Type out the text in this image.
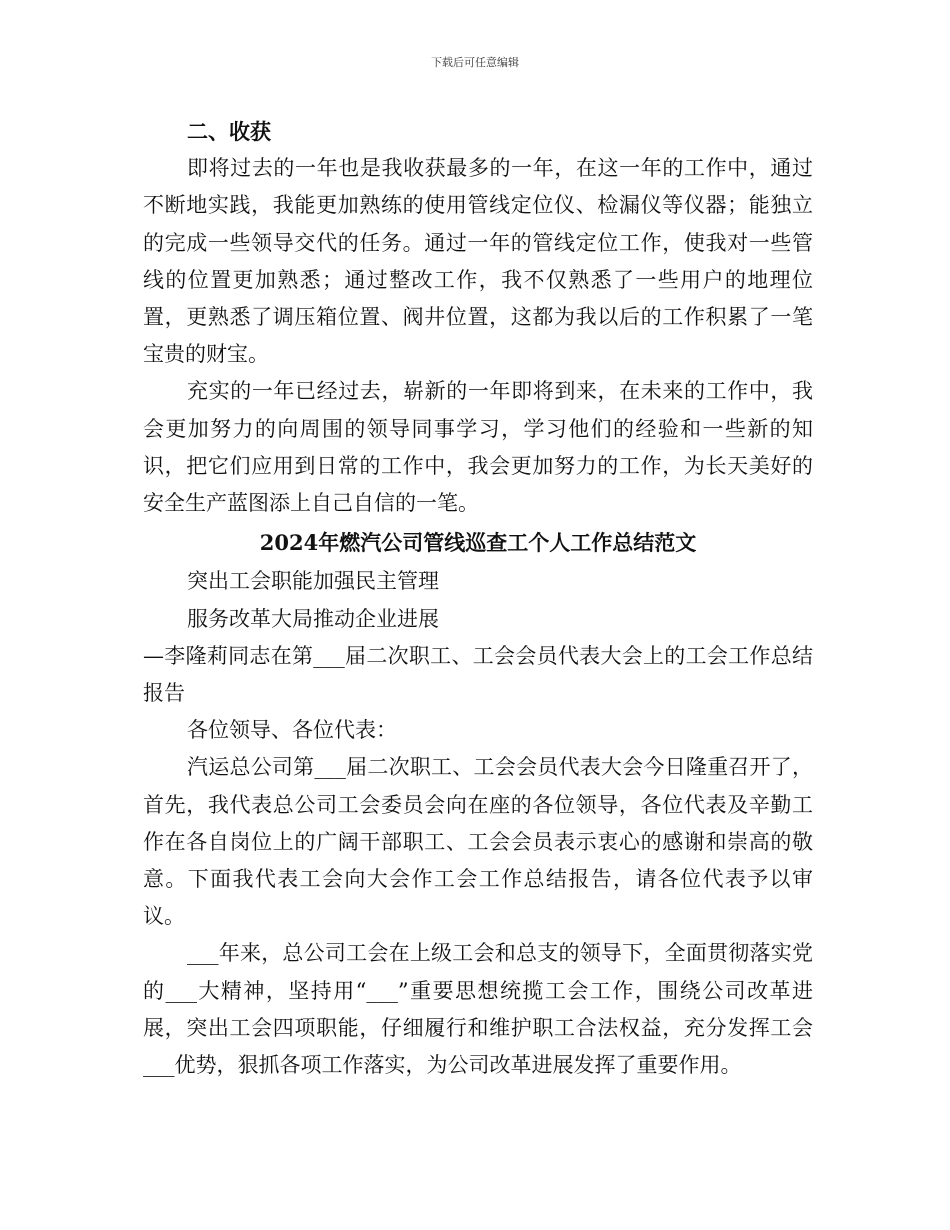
下载后可任意编辑

二、收获

即将过去的一年也是我收获最多的一年，在这一年的工作中，通过不断地实践，我能更加熟练的使用管线定位仪、检漏仪等仪器；能独立的完成一些领导交代的任务。通过一年的管线定位工作，使我对一些管线的位置更加熟悉；通过整改工作，我不仅熟悉了一些用户的地理位置，更熟悉了调压箱位置、阀井位置，这都为我以后的工作积累了一笔宝贵的财宝。

充实的一年已经过去，崭新的一年即将到来，在未来的工作中，我会更加努力的向周围的领导同事学习，学习他们的经验和一些新的知识，把它们应用到日常的工作中，我会更加努力的工作，为长天美好的安全生产蓝图添上自己自信的一笔。

2024年燃汽公司管线巡查工个人工作总结范文

突出工会职能加强民主管理

服务改革大局推动企业进展

—李隆莉同志在第___届二次职工、工会会员代表大会上的工会工作总结报告

各位领导、各位代表：

汽运总公司第___届二次职工、工会会员代表大会今日隆重召开了，首先，我代表总公司工会委员会向在座的各位领导，各位代表及辛勤工作在各自岗位上的广阔干部职工、工会会员表示衷心的感谢和崇高的敬意。下面我代表工会向大会作工会工作总结报告，请各位代表予以审议。

___年来，总公司工会在上级工会和总支的领导下，全面贯彻落实党的___大精神，坚持用“___”重要思想统揽工会工作，围绕公司改革进展，突出工会四项职能，仔细履行和维护职工合法权益，充分发挥工会___优势，狠抓各项工作落实，为公司改革进展发挥了重要作用。
